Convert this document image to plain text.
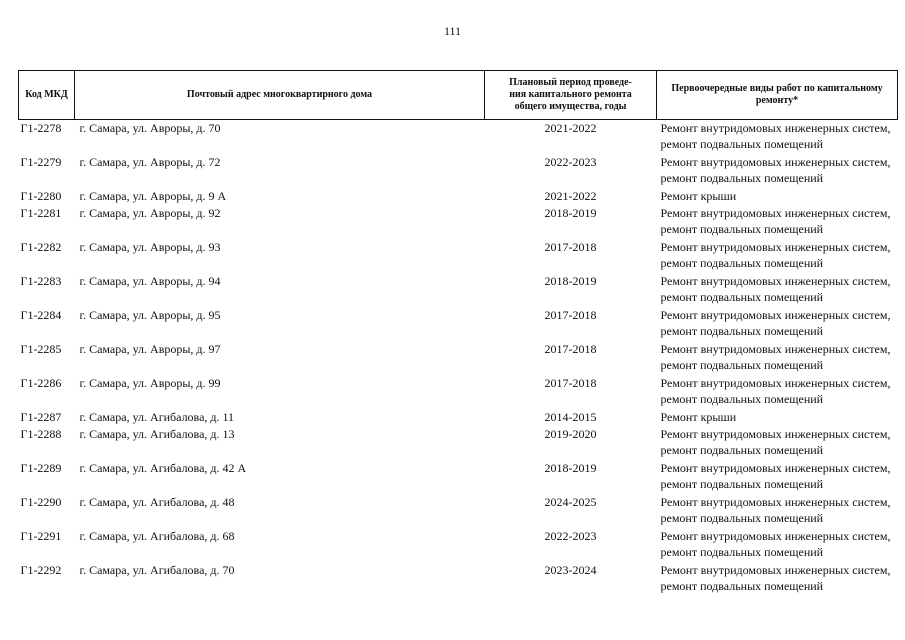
111
Код МКД	Почтовый адрес многоквартирного дома	Плановый период проведе-
ния капитального ремонта
общего имущества, годы	Первоочередные виды работ по капитальному
ремонту*
Г1-2278	г. Самара, ул. Авроры, д. 70	2021-2022	Ремонт внутридомовых инженерных систем,
ремонт подвальных помещений

Г1-2279	г. Самара, ул. Авроры, д. 72	2022-2023	Ремонт внутридомовых инженерных систем,
ремонт подвальных помещений

Г1-2280	г. Самара, ул. Авроры, д. 9 А	2021-2022	Ремонт крыши

Г1-2281	г. Самара, ул. Авроры, д. 92	2018-2019	Ремонт внутридомовых инженерных систем,
ремонт подвальных помещений

Г1-2282	г. Самара, ул. Авроры, д. 93	2017-2018	Ремонт внутридомовых инженерных систем,
ремонт подвальных помещений

Г1-2283	г. Самара, ул. Авроры, д. 94	2018-2019	Ремонт внутридомовых инженерных систем,
ремонт подвальных помещений

Г1-2284	г. Самара, ул. Авроры, д. 95	2017-2018	Ремонт внутридомовых инженерных систем,
ремонт подвальных помещений

Г1-2285	г. Самара, ул. Авроры, д. 97	2017-2018	Ремонт внутридомовых инженерных систем,
ремонт подвальных помещений

Г1-2286	г. Самара, ул. Авроры, д. 99	2017-2018	Ремонт внутридомовых инженерных систем,
ремонт подвальных помещений

Г1-2287	г. Самара, ул. Агибалова, д. 11	2014-2015	Ремонт крыши

Г1-2288	г. Самара, ул. Агибалова, д. 13	2019-2020	Ремонт внутридомовых инженерных систем,
ремонт подвальных помещений

Г1-2289	г. Самара, ул. Агибалова, д. 42 А	2018-2019	Ремонт внутридомовых инженерных систем,
ремонт подвальных помещений

Г1-2290	г. Самара, ул. Агибалова, д. 48	2024-2025	Ремонт внутридомовых инженерных систем,
ремонт подвальных помещений

Г1-2291	г. Самара, ул. Агибалова, д. 68	2022-2023	Ремонт внутридомовых инженерных систем,
ремонт подвальных помещений

Г1-2292	г. Самара, ул. Агибалова, д. 70	2023-2024	Ремонт внутридомовых инженерных систем,
ремонт подвальных помещений
